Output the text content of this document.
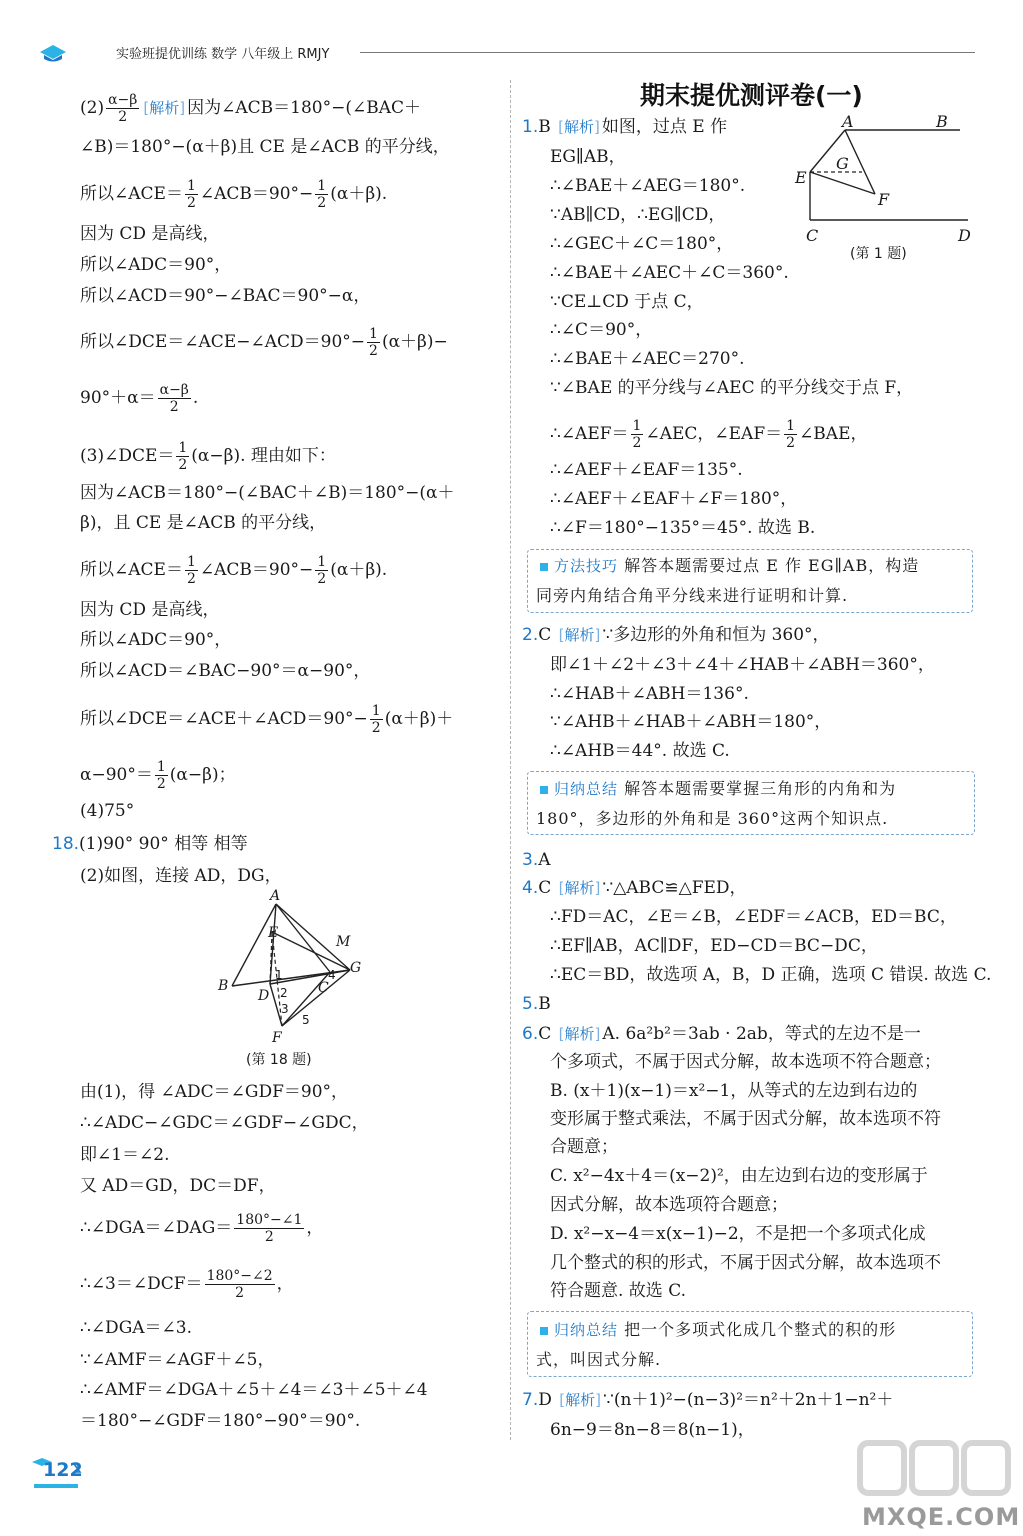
实验班提优训练 数学 八年级上 RMJY
$(2) \frac{\alpha-\beta}{2}$ [解析] 因为∠ACB＝180°−(∠BAC＋
∠B)＝180°−(α＋β)且 CE 是∠ACB 的平分线，
所以∠ACE＝ $\frac{1}{2}$ ∠ACB＝90°− $\frac{1}{2} (\alpha+\beta)$.
因为 CD 是高线，
所以∠ADC＝90°，
所以∠ACD＝90°−∠BAC＝90°−α，
所以∠DCE＝∠ACE−∠ACD＝90°− $\frac{1}{2} (\alpha+\beta)-$
$90^\circ+\alpha= \frac{\alpha-\beta}{2}$ .
(3)∠DCE＝ $\frac{1}{2} (\alpha-\beta)$. 理由如下：
因为∠ACB＝180°−(∠BAC＋∠B)＝180°−(α＋
β)，且 CE 是∠ACB 的平分线，
所以∠ACE＝ $\frac{1}{2}$ ∠ACB＝90°− $\frac{1}{2} (\alpha+\beta)$.
因为 CD 是高线，
所以∠ADC＝90°，
所以∠ACD＝∠BAC−90°＝α−90°，
所以∠DCE＝∠ACE＋∠ACD＝90°− $\frac{1}{2} (\alpha+\beta)+$
$\alpha-90^\circ= \frac{1}{2} (\alpha-\beta)$；
(4)75°
18.(1)90° 90° 相等 相等
(2)如图，连接 AD，DG，
由(1)，得 ∠ADC＝∠GDF＝90°，
∴∠ADC−∠GDC＝∠GDF−∠GDC，
即∠1＝∠2.
又 AD＝GD，DC＝DF，
∴∠DGA＝∠DAG＝ $\frac{180^\circ-\angle 1}{2}$ ，
∴∠3＝∠DCF＝ $\frac{180^\circ-\angle 2}{2}$ ，
∴∠DGA＝∠3.
∵∠AMF＝∠AGF＋∠5，
∴∠AMF＝∠DGA＋∠5＋∠4＝∠3＋∠5＋∠4
＝180°−∠GDF＝180°−90°＝90°.
A
E
M
G
B
D
1
2
3
4
C
5
F
(第 18 题)
期末提优测评卷(一)
1.B [解析] 如图，过点 E 作
EG∥AB，
∴∠BAE＋∠AEG＝180°.
∵AB∥CD，∴EG∥CD，
∴∠GEC＋∠C＝180°，
∴∠BAE＋∠AEC＋∠C＝360°.
∵CE⊥CD 于点 C，
∴∠C＝90°，
∴∠BAE＋∠AEC＝270°.
∵∠BAE 的平分线与∠AEC 的平分线交于点 F，
∴∠AEF＝ $\frac{1}{2}$ ∠AEC，∠EAF＝ $\frac{1}{2}$ ∠BAE，
∴∠AEF＋∠EAF＝135°.
∴∠AEF＋∠EAF＋∠F＝180°，
∴∠F＝180°−135°＝45°. 故选 B.
2.C [解析] ∵多边形的外角和恒为 360°，
即∠1＋∠2＋∠3＋∠4＋∠HAB＋∠ABH＝360°，
∴∠HAB＋∠ABH＝136°.
∵∠AHB＋∠HAB＋∠ABH＝180°，
∴∠AHB＝44°. 故选 C.
3.A
4.C [解析] ∵△ABC≌△FED，
∴FD＝AC，∠E＝∠B，∠EDF＝∠ACB，ED＝BC，
∴EF∥AB，AC∥DF，ED−CD＝BC−DC，
∴EC＝BD，故选项 A，B，D 正确，选项 C 错误. 故选 C.
5.B
6.C [解析] A. 6a²b²＝3ab · 2ab，等式的左边不是一
个多项式，不属于因式分解，故本选项不符合题意；
B. (x＋1)(x−1)＝x²−1，从等式的左边到右边的
变形属于整式乘法，不属于因式分解，故本选项不符
合题意；
C. x²−4x＋4＝(x−2)²，由左边到右边的变形属于
因式分解，故本选项符合题意；
D. x²−x−4＝x(x−1)−2，不是把一个多项式化成
几个整式的积的形式，不属于因式分解，故本选项不
符合题意. 故选 C.
7.D [解析] ∵(n＋1)²−(n−3)²＝n²＋2n＋1−n²＋
6n−9＝8n−8＝8(n−1)，
A	B
G
E
F
C	D
(第 1 题)
方法技巧 解答本题需要过点 E 作 EG∥AB，构造
同旁内角结合角平分线来进行证明和计算.
归纳总结 解答本题需要掌握三角形的内角和为
180°，多边形的外角和是 360°这两个知识点.
归纳总结 把一个多项式化成几个整式的积的形
式，叫因式分解.
122
MXQE.COM
